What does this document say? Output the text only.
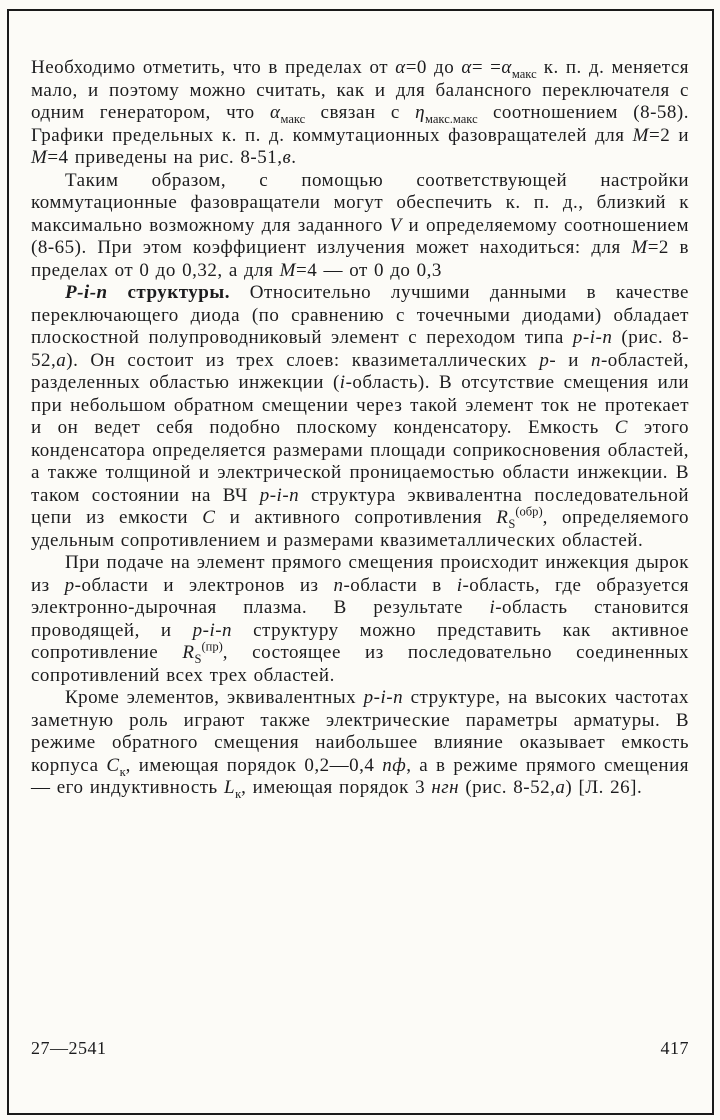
Необходимо отметить, что в пределах от α=0 до $\alpha= =\alpha_{макс}$ к. п. д. меняется мало, и поэтому можно считать, как и для балансного переключателя с одним генератором, что $\alpha_{макс}$ связан с $\eta_{макс.макс}$ соотношением (8-58). Графики предельных к. п. д. коммутационных фазовращателей для M=2 и M=4 приведены на рис. 8-51,в.

Таким образом, с помощью соответствующей настройки коммутационные фазовращатели могут обеспечить к. п. д., близкий к максимально возможному для заданного V и определяемому соотношением (8-65). При этом коэффициент излучения может находиться: для M=2 в пределах от 0 до 0,32, а для M=4 — от 0 до 0,3

P-i-n структуры. Относительно лучшими данными в качестве переключающего диода (по сравнению с точечными диодами) обладает плоскостной полупроводниковый элемент с переходом типа p-i-n (рис. 8-52,а). Он состоит из трех слоев: квазиметаллических p- и n-областей, разделенных областью инжекции (i-область). В отсутствие смещения или при небольшом обратном смещении через такой элемент ток не протекает и он ведет себя подобно плоскому конденсатору. Емкость C этого конденсатора определяется размерами площади соприкосновения областей, а также толщиной и электрической проницаемостью области инжекции. В таком состоянии на ВЧ p-i-n структура эквивалентна последовательной цепи из емкости C и активного сопротивления $R_S^{(обр)}$, определяемого удельным сопротивлением и размерами квазиметаллических областей.

При подаче на элемент прямого смещения происходит инжекция дырок из p-области и электронов из n-области в i-область, где образуется электронно-дырочная плазма. В результате i-область становится проводящей, и p-i-n структуру можно представить как активное сопротивление $R_S^{(пр)}$, состоящее из последовательно соединенных сопротивлений всех трех областей.

Кроме элементов, эквивалентных p-i-n структуре, на высоких частотах заметную роль играют также электрические параметры арматуры. В режиме обратного смещения наибольшее влияние оказывает емкость корпуса $C_к$, имеющая порядок 0,2—0,4 пф, а в режиме прямого смещения — его индуктивность $L_к$, имеющая порядок 3 нгн (рис. 8-52,а) [Л. 26].

27—2541	417
